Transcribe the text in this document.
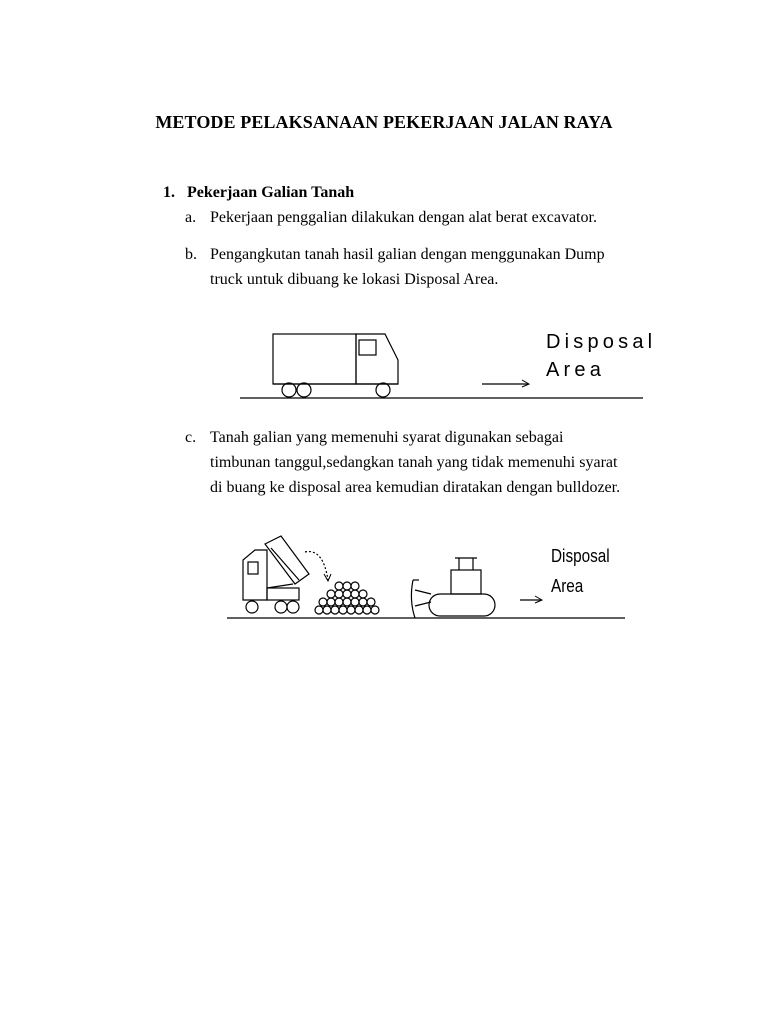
METODE PELAKSANAAN PEKERJAAN JALAN RAYA
1. Pekerjaan Galian Tanah
a. Pekerjaan penggalian dilakukan dengan alat berat excavator.
b. Pengangkutan tanah hasil galian dengan menggunakan Dump
truck untuk dibuang ke lokasi Disposal Area.
Disposal
Area
c. Tanah galian yang memenuhi syarat digunakan sebagai
timbunan tanggul,sedangkan tanah yang tidak memenuhi syarat
di buang ke disposal area kemudian diratakan dengan bulldozer.
Disposal
Area
